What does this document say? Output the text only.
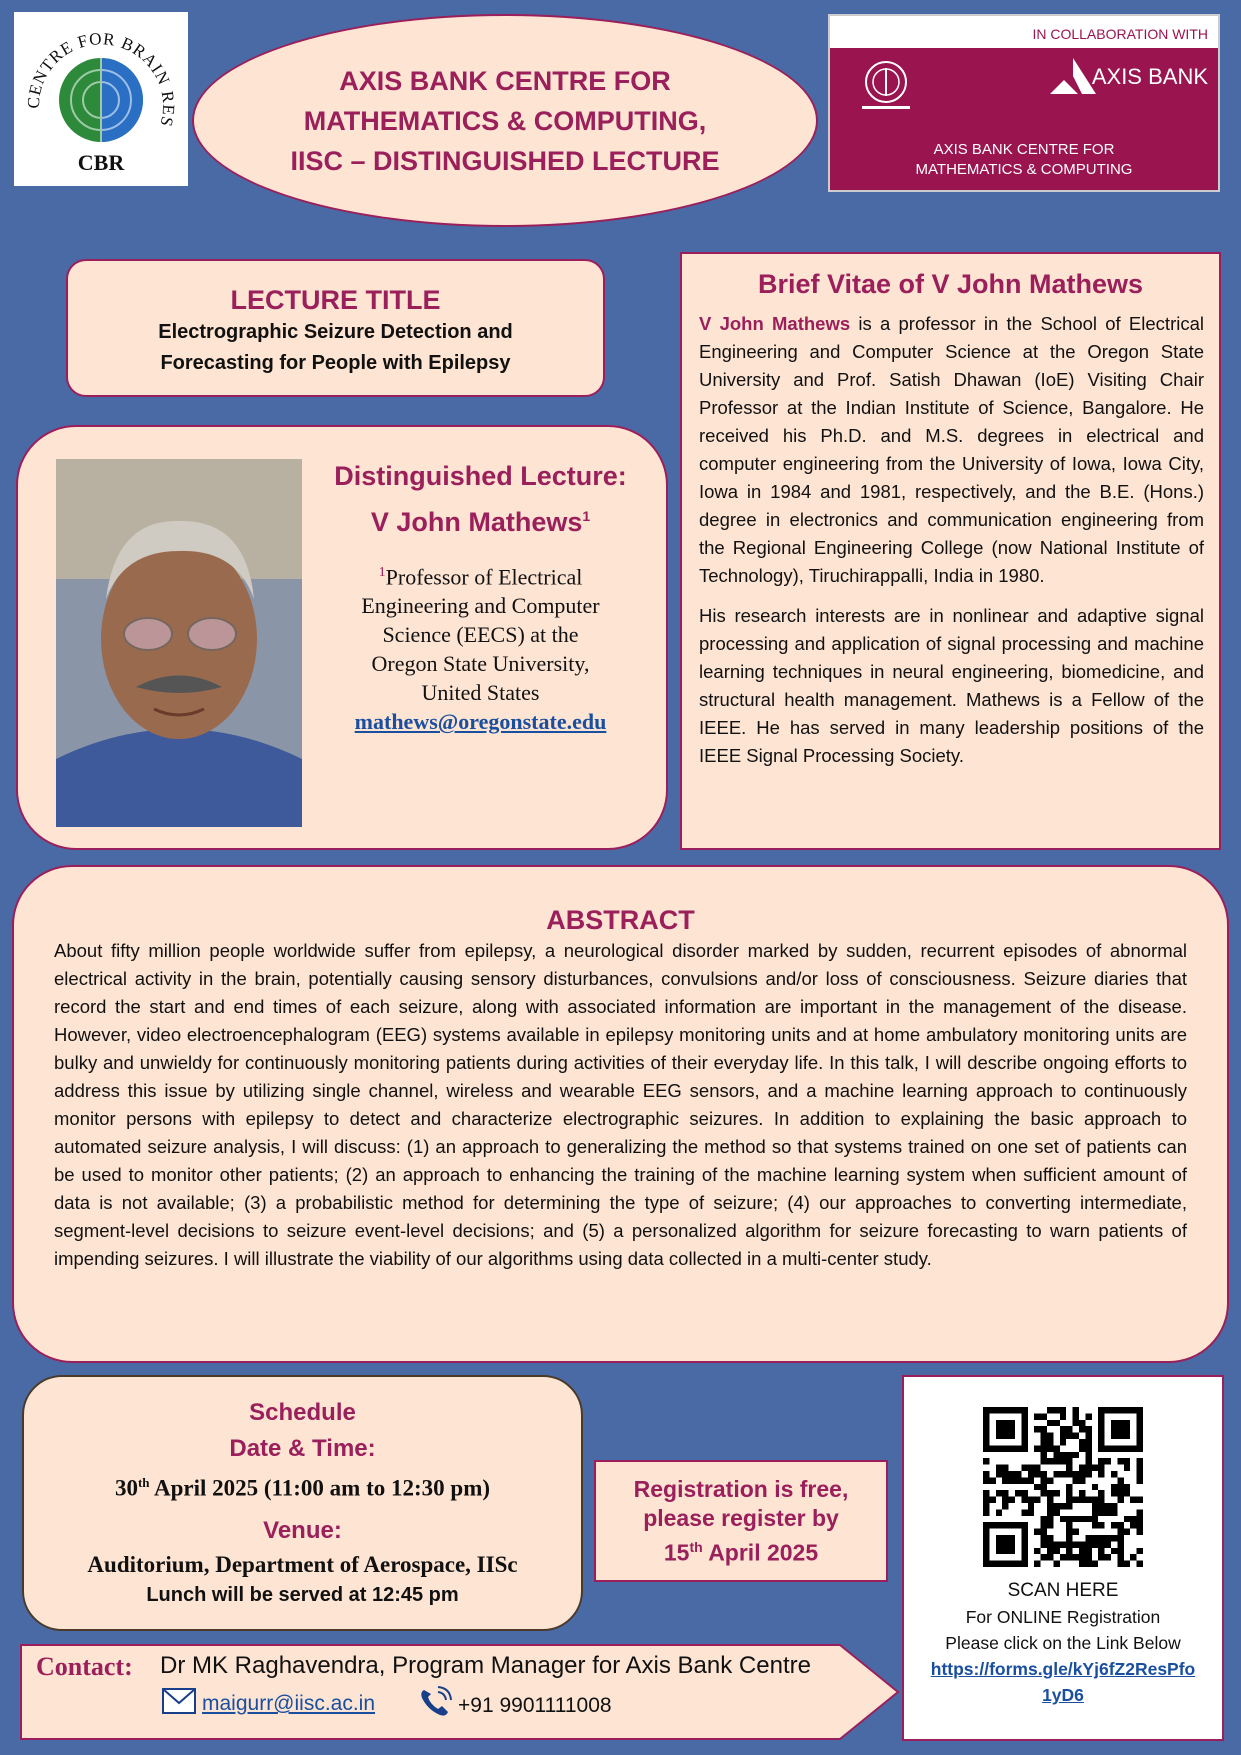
CENTRE FOR BRAIN RES
CBR
AXIS BANK CENTRE FOR
MATHEMATICS & COMPUTING,
IISC – DISTINGUISHED LECTURE
IN COLLABORATION WITH
AXIS BANK
AXIS BANK CENTRE FOR
MATHEMATICS & COMPUTING
LECTURE TITLE
Electrographic Seizure Detection and
Forecasting for People with Epilepsy
Distinguished Lecture:
V John Mathews$^1$
$^1$Professor of Electrical
Engineering and Computer
Science (EECS) at the
Oregon State University,
United States
mathews@oregonstate.edu
Brief Vitae of V John Mathews

V John Mathews is a professor in the School of Electrical Engineering and Computer Science at the Oregon State University and Prof. Satish Dhawan (IoE) Visiting Chair Professor at the Indian Institute of Science, Bangalore. He received his Ph.D. and M.S. degrees in electrical and computer engineering from the University of Iowa, Iowa City, Iowa in 1984 and 1981, respectively, and the B.E. (Hons.) degree in electronics and communication engineering from the Regional Engineering College (now National Institute of Technology), Tiruchirappalli, India in 1980.

His research interests are in nonlinear and adaptive signal processing and application of signal processing and machine learning techniques in neural engineering, biomedicine, and structural health management. Mathews is a Fellow of the IEEE. He has served in many leadership positions of the IEEE Signal Processing Society.

ABSTRACT

About fifty million people worldwide suffer from epilepsy, a neurological disorder marked by sudden, recurrent episodes of abnormal electrical activity in the brain, potentially causing sensory disturbances, convulsions and/or loss of consciousness. Seizure diaries that record the start and end times of each seizure, along with associated information are important in the management of the disease. However, video electroencephalogram (EEG) systems available in epilepsy monitoring units and at home ambulatory monitoring units are bulky and unwieldy for continuously monitoring patients during activities of their everyday life. In this talk, I will describe ongoing efforts to address this issue by utilizing single channel, wireless and wearable EEG sensors, and a machine learning approach to continuously monitor persons with epilepsy to detect and characterize electrographic seizures. In addition to explaining the basic approach to automated seizure analysis, I will discuss: (1) an approach to generalizing the method so that systems trained on one set of patients can be used to monitor other patients; (2) an approach to enhancing the training of the machine learning system when sufficient amount of data is not available; (3) a probabilistic method for determining the type of seizure; (4) our approaches to converting intermediate, segment-level decisions to seizure event-level decisions; and (5) a personalized algorithm for seizure forecasting to warn patients of impending seizures. I will illustrate the viability of our algorithms using data collected in a multi-center study.

Schedule
Date & Time:
30th April 2025 (11:00 am to 12:30 pm)
Venue:
Auditorium, Department of Aerospace, IISc
Lunch will be served at 12:45 pm
Registration is free,
please register by
15th April 2025
SCAN HERE
For ONLINE Registration
Please click on the Link Below
https://forms.gle/kYj6fZ2ResPfo
1yD6
Contact: Dr MK Raghavendra, Program Manager for Axis Bank Centre
maigurr@iisc.ac.in	+91 9901111008
